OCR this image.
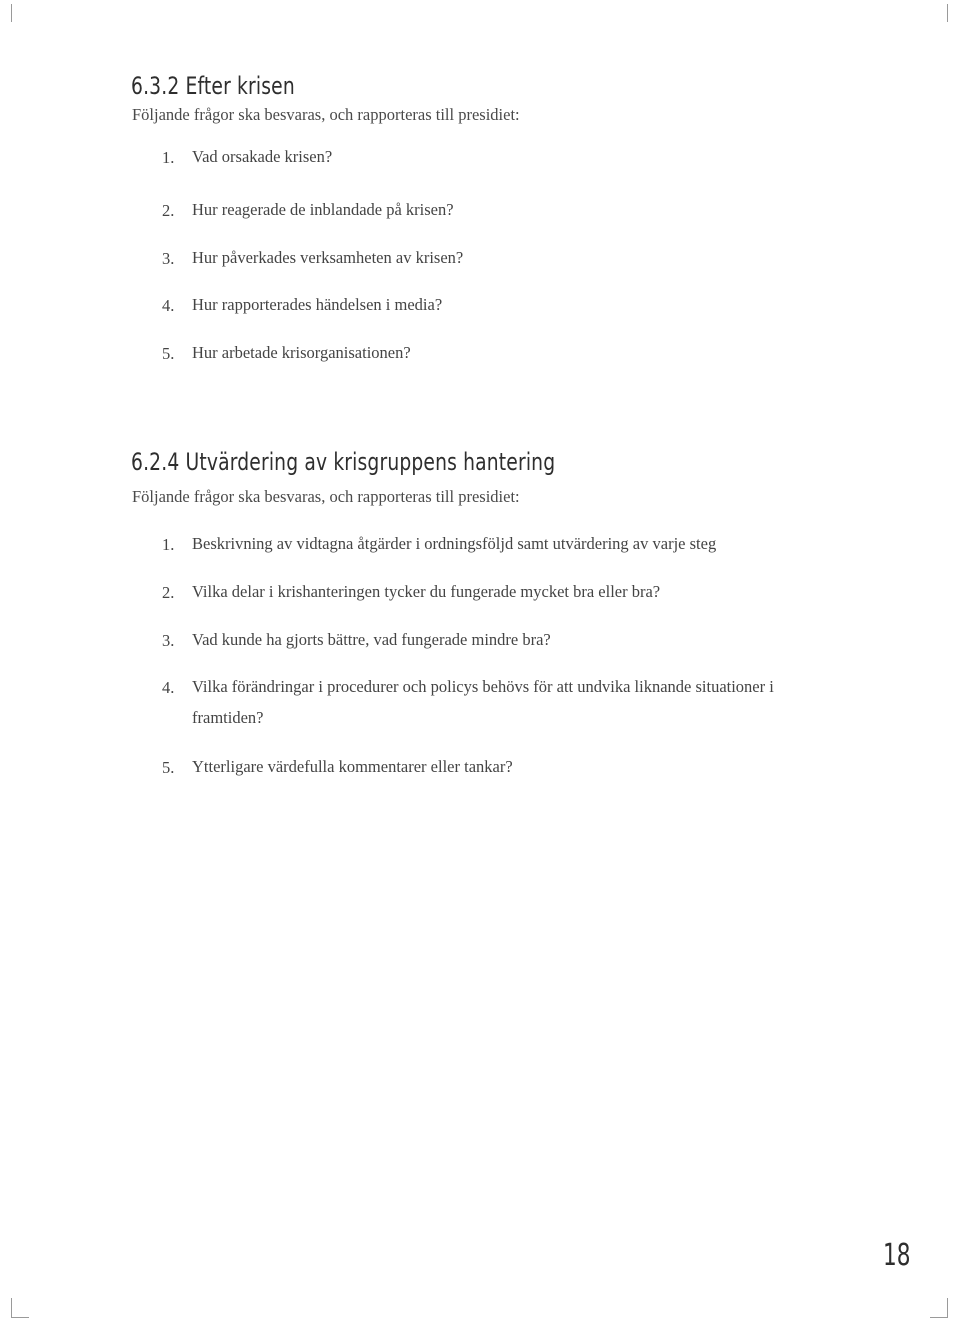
6.3.2 Efter krisen

Följande frågor ska besvaras, och rapporteras till presidiet:

1. Vad orsakade krisen?
2. Hur reagerade de inblandade på krisen?
3. Hur påverkades verksamheten av krisen?
4. Hur rapporterades händelsen i media?
5. Hur arbetade krisorganisationen?
6.2.4 Utvärdering av krisgruppens hantering

Följande frågor ska besvaras, och rapporteras till presidiet:

1. Beskrivning av vidtagna åtgärder i ordningsföljd samt utvärdering av varje steg
2. Vilka delar i krishanteringen tycker du fungerade mycket bra eller bra?
3. Vad kunde ha gjorts bättre, vad fungerade mindre bra?
4. Vilka förändringar i procedurer och policys behövs för att undvika liknande situationer i
framtiden?
5. Ytterligare värdefulla kommentarer eller tankar?

18
